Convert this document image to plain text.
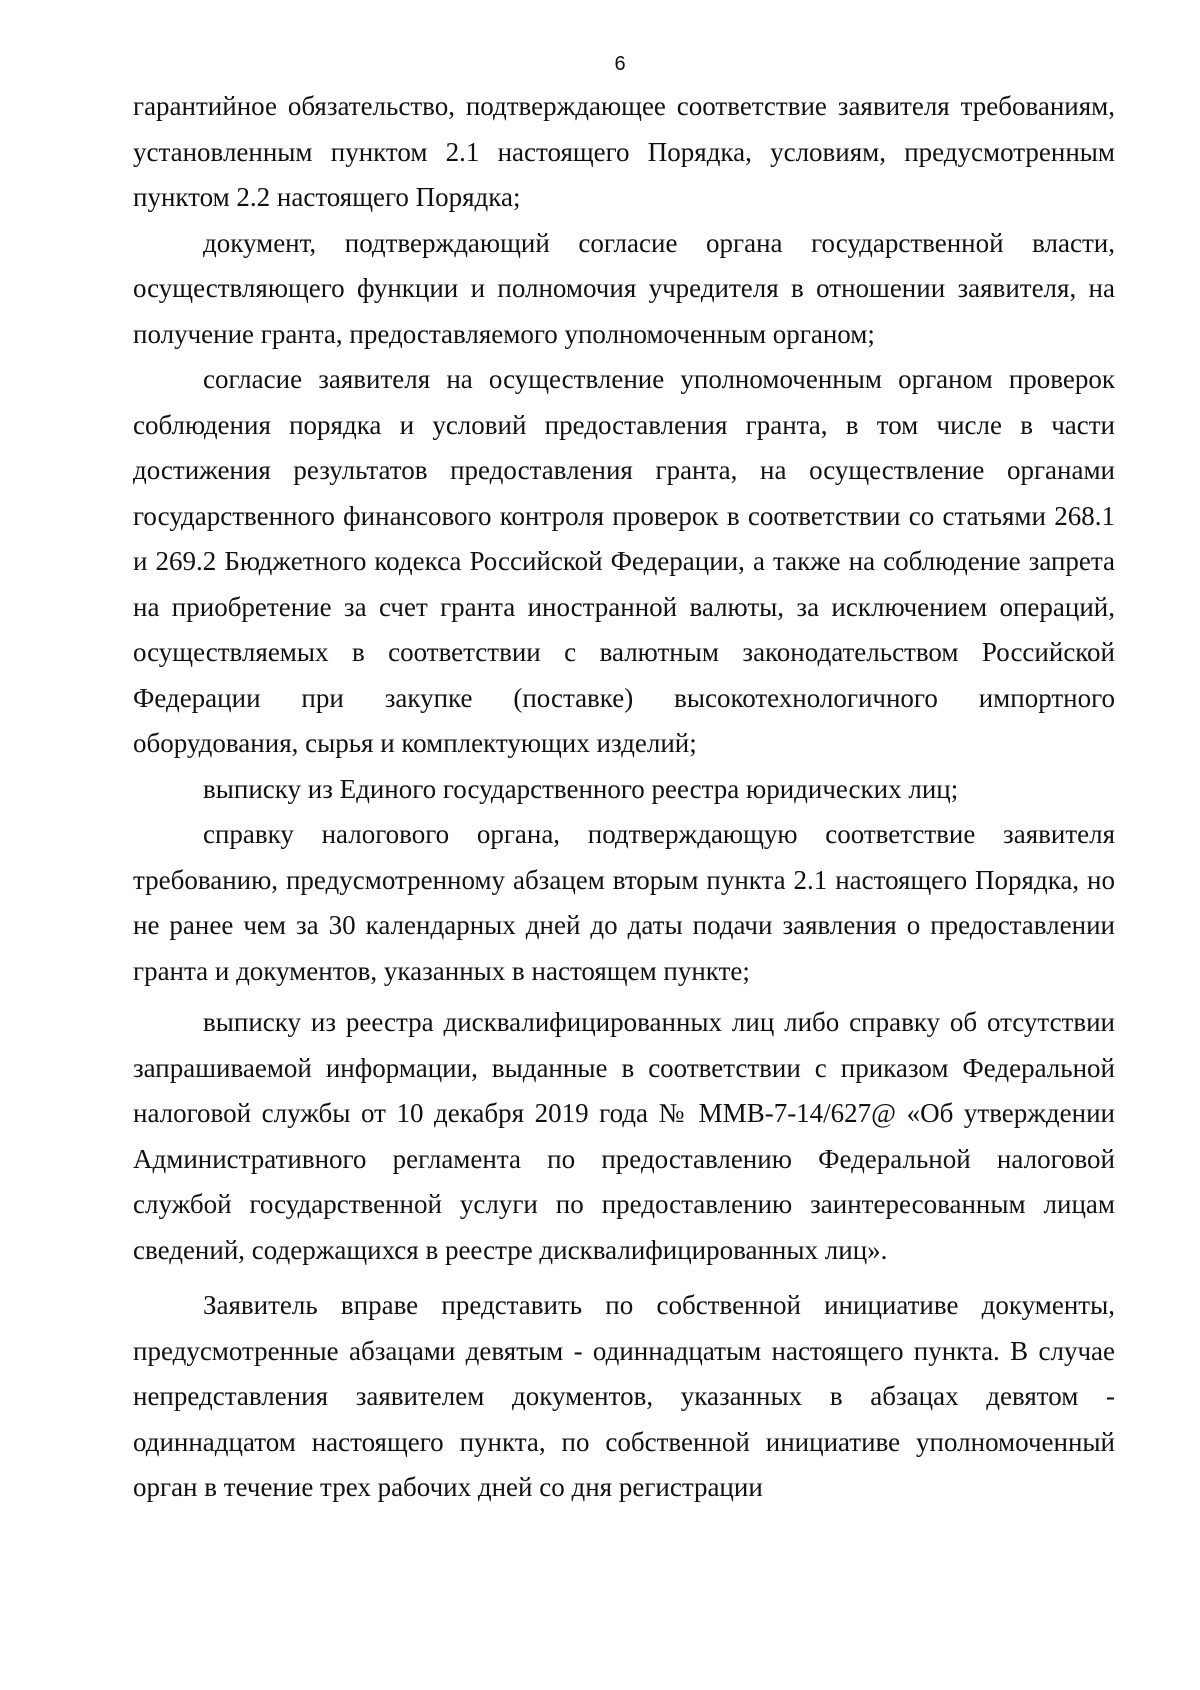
6

гарантийное обязательство, подтверждающее соответствие заявителя требованиям, установленным пунктом 2.1 настоящего Порядка, условиям, предусмотренным пунктом 2.2 настоящего Порядка;

документ, подтверждающий согласие органа государственной власти, осуществляющего функции и полномочия учредителя в отношении заявителя, на получение гранта, предоставляемого уполномоченным органом;

согласие заявителя на осуществление уполномоченным органом проверок соблюдения порядка и условий предоставления гранта, в том числе в части достижения результатов предоставления гранта, на осуществление органами государственного финансового контроля проверок в соответствии со статьями 268.1 и 269.2 Бюджетного кодекса Российской Федерации, а также на соблюдение запрета на приобретение за счет гранта иностранной валюты, за исключением операций, осуществляемых в соответствии с валютным законодательством Российской Федерации при закупке (поставке) высокотехнологичного импортного оборудования, сырья и комплектующих изделий;

выписку из Единого государственного реестра юридических лиц;

справку налогового органа, подтверждающую соответствие заявителя требованию, предусмотренному абзацем вторым пункта 2.1 настоящего Порядка, но не ранее чем за 30 календарных дней до даты подачи заявления о предоставлении гранта и документов, указанных в настоящем пункте;

выписку из реестра дисквалифицированных лиц либо справку об отсутствии запрашиваемой информации, выданные в соответствии с приказом Федеральной налоговой службы от 10 декабря 2019 года № ММВ-7-14/627@ «Об утверждении Административного регламента по предоставлению Федеральной налоговой службой государственной услуги по предоставлению заинтересованным лицам сведений, содержащихся в реестре дисквалифицированных лиц».

Заявитель вправе представить по собственной инициативе документы, предусмотренные абзацами девятым - одиннадцатым настоящего пункта. В случае непредставления заявителем документов, указанных в абзацах девятом - одиннадцатом настоящего пункта, по собственной инициативе уполномоченный орган в течение трех рабочих дней со дня регистрации
